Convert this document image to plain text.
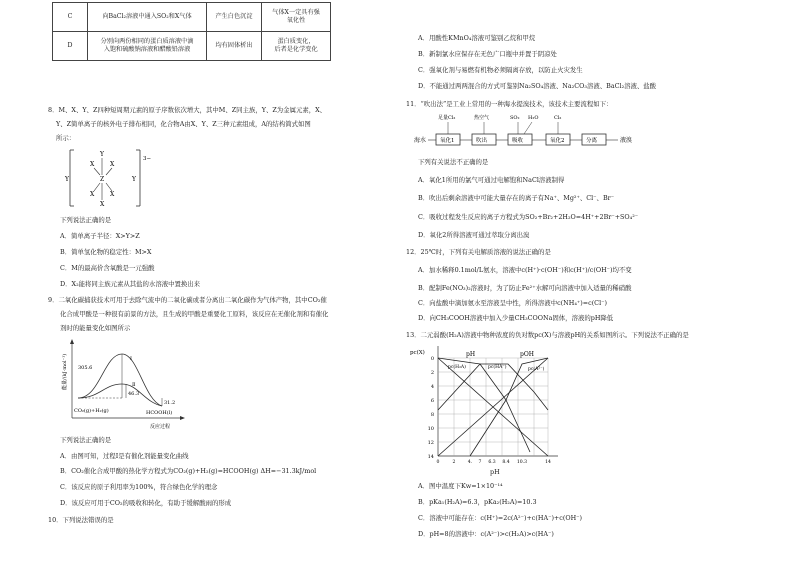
C	向BaCl₂溶液中通入SO₂和X气体	产生白色沉淀	气体X一定具有强
氧化性
D	分別向两份相同的蛋白质溶液中滴
入饱和硫酸钠溶液和醋酸铅溶液	均有固体析出	蛋白质变化，
后者是化学变化
8．M、X、Y、Z四种短周期元素的原子序数依次增大，其中M、Z同主族，Y、Z为金属元素，X、
Y、Z简单离子的核外电子排布相同，化合物A由X、Y、Z三种元素组成，A的结构简式如图
所示：
3−
Y
X	X
Y	Z	Y
X	X
X
下列说法正确的是
A．简单离子半径：X>Y>Z
B．简单氢化物的稳定性：M>X
C．M的最高价含氧酸是一元强酸
D．X₂能将同主族元素从其盐的水溶液中置换出来
9．二氧化碳捕获技术可用于去除气流中的二氧化碳或者分离出二氧化碳作为气体产物，其中CO₂催
化合成甲酸是一种很有前景的方法，且生成的甲酸是重要化工原料，该反应在无催化剂和有催化
剂时的能量变化如图所示
能量/(kJ·mol⁻¹) 305.6
46.3
31.2
Ⅰ
Ⅱ
CO₂(g)+H₂(g)	HCOOH(l)
反应过程
下列说法正确的是
A．由图可知，过程Ⅰ是有催化剂能量变化曲线
B．CO₂催化合成甲酸的热化学方程式为CO₂(g)+H₂(g)=HCOOH(g) ΔH=−31.3kJ/mol
C．该反应的原子利用率为100%，符合绿色化学的理念
D．该反应可用于CO₂的吸收和转化，有助于缓解酸雨的形成
10．下列说法错误的是
A．用酸性KMnO₄溶液可鉴别乙烷和甲烷
B．新制氯水应保存在无色广口瓶中并置于阴凉处
C．强氧化剂与易燃有机物必须隔离存放，以防止火灾发生
D．不能通过两两混合的方式可鉴别Na₂SO₄溶液、Na₂CO₃溶液、BaCl₂溶液、盐酸
11．“吹出法”是工业上常用的一种海水提溴技术，该技术主要流程如下：
海水	氧化1	吹出	吸收	氧化2	分离	液溴
足量Cl₂	热空气	SO₂ H₂O	Cl₂
下列有关说法不正确的是
A．氧化1所用的氯气可通过电解饱和NaCl溶液制得
B．吹出后剩余溶液中可能大量存在的离子有Na⁺、Mg²⁺、Cl⁻、Br⁻
C．吸收过程发生反应的离子方程式为SO₂+Br₂+2H₂O=4H⁺+2Br⁻+SO₄²⁻
D．氧化2所得溶液可通过萃取分离出溴
12．25℃时，下列有关电解质溶液的说法正确的是
A．加水稀释0.1mol/L氨水，溶液中c(H⁺)·c(OH⁻)和c(H⁺)/c(OH⁻)均不变
B．配制Fe(NO₃)₂溶液时，为了防止Fe²⁺水解可向溶液中加入适量的稀硝酸
C．向盐酸中滴加氨水至溶液呈中性，所得溶液中c(NH₄⁺)=c(Cl⁻)
D．向CH₃COOH溶液中加入少量CH₃COONa固体，溶液的pH降低
13．二元弱酸(H₂A)溶液中物种浓度的负对数pc(X)与溶液pH的关系如图所示。下列说法不正确的是
pc(X)	pH	pOH
pc(H₂A)	pc(HA⁻)	pc(A²⁻)
0
2
4
6
8
10
12
14
0	2	4. 7 6.3 8.4 10.3	14
pH
A．图中温度下Kw=1×10⁻¹⁴
B．pKa₁(H₂A)=6.3，pKa₂(H₂A)=10.3
C．溶液中可能存在：c(H⁺)=2c(A²⁻)+c(HA⁻)+c(OH⁻)
D．pH=8的溶液中：c(A²⁻)>c(H₂A)>c(HA⁻)
